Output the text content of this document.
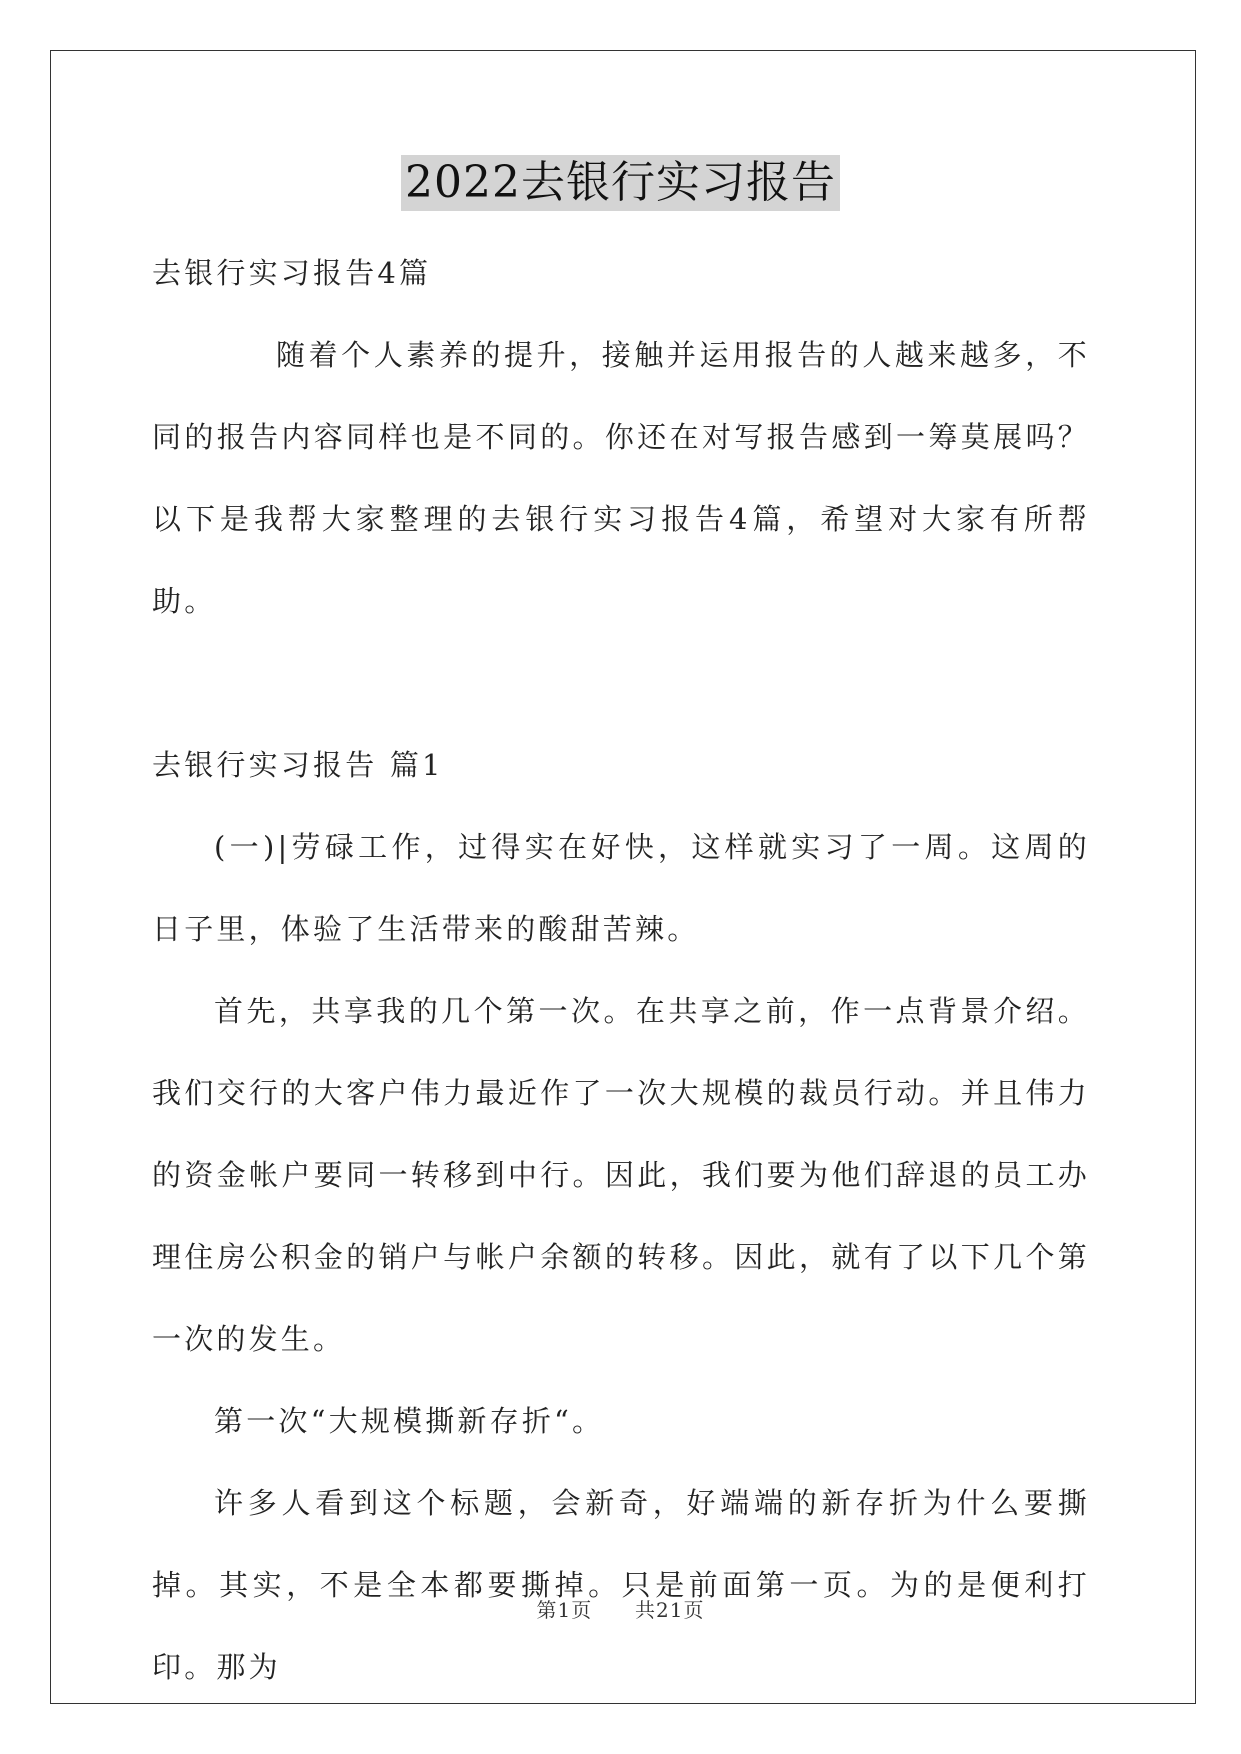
2022去银行实习报告

去银行实习报告4篇

随着个人素养的提升，接触并运用报告的人越来越多，不同的报告内容同样也是不同的。你还在对写报告感到一筹莫展吗？以下是我帮大家整理的去银行实习报告4篇，希望对大家有所帮助。

去银行实习报告 篇1

(一)|劳碌工作，过得实在好快，这样就实习了一周。这周的日子里，体验了生活带来的酸甜苦辣。

首先，共享我的几个第一次。在共享之前，作一点背景介绍。我们交行的大客户伟力最近作了一次大规模的裁员行动。并且伟力的资金帐户要同一转移到中行。因此，我们要为他们辞退的员工办理住房公积金的销户与帐户余额的转移。因此，就有了以下几个第一次的发生。

第一次“大规模撕新存折“。

许多人看到这个标题，会新奇，好端端的新存折为什么要撕掉。其实，不是全本都要撕掉。只是前面第一页。为的是便利打印。那为

第1页 共21页
